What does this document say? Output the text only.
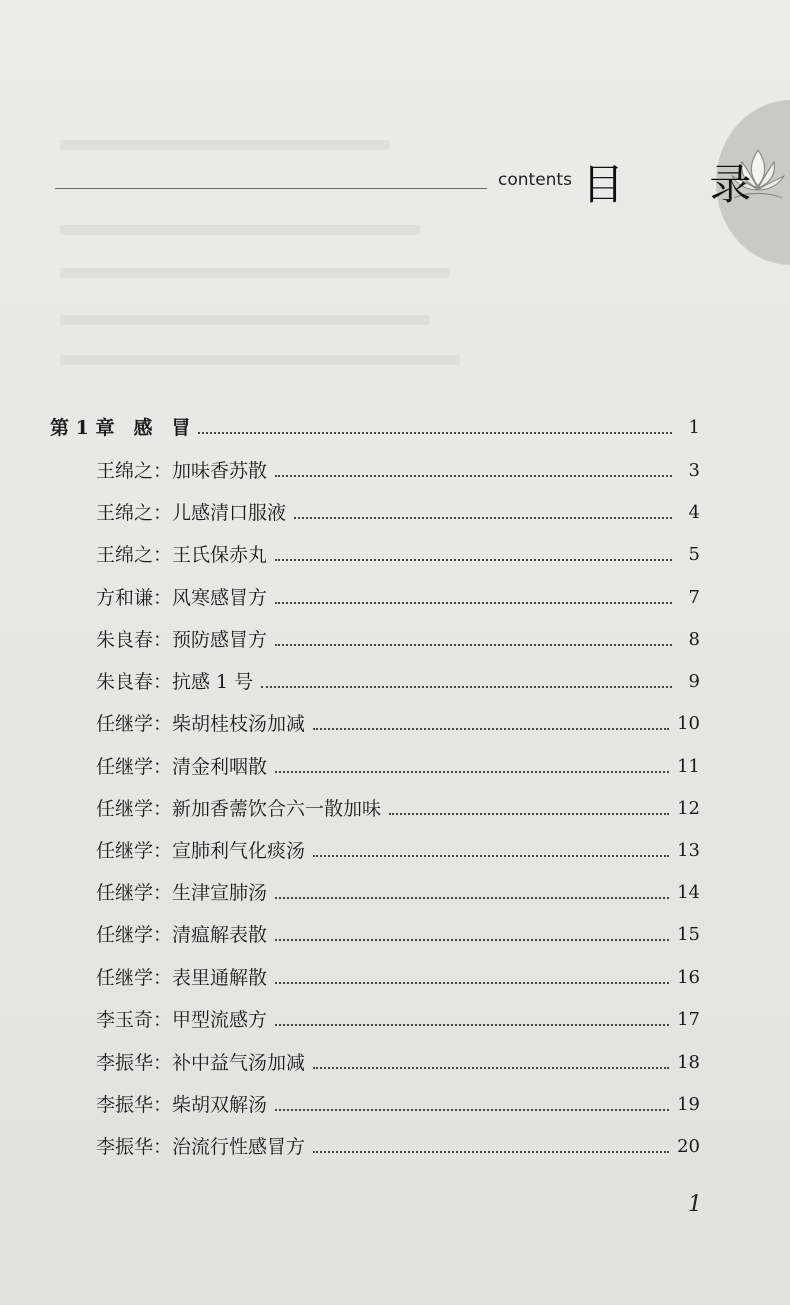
contents 目 录
第 1 章　感　冒	1
王绵之：加味香苏散	3
王绵之：儿感清口服液	4
王绵之：王氏保赤丸	5
方和谦：风寒感冒方	7
朱良春：预防感冒方	8
朱良春：抗感 1 号	9
任继学：柴胡桂枝汤加减	10
任继学：清金利咽散	11
任继学：新加香薷饮合六一散加味	12
任继学：宣肺利气化痰汤	13
任继学：生津宣肺汤	14
任继学：清瘟解表散	15
任继学：表里通解散	16
李玉奇：甲型流感方	17
李振华：补中益气汤加减	18
李振华：柴胡双解汤	19
李振华：治流行性感冒方	20
1
